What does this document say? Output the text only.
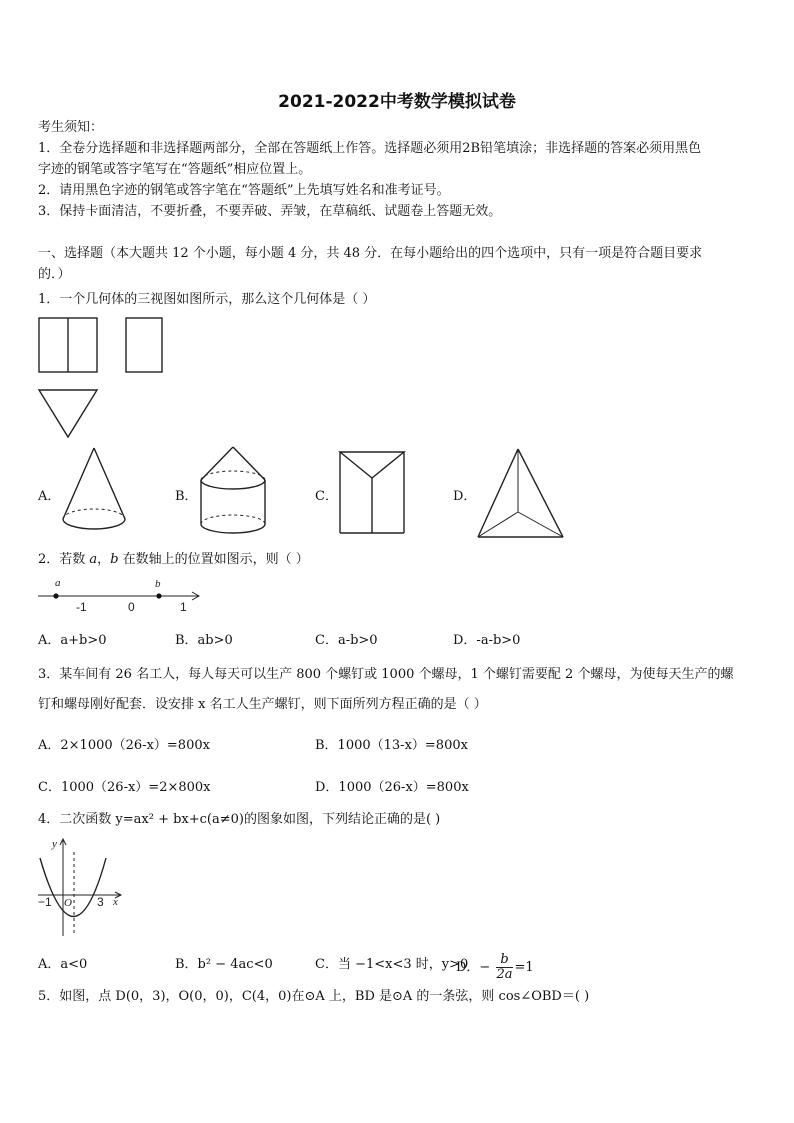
2021-2022中考数学模拟试卷
考生须知：
1．全卷分选择题和非选择题两部分，全部在答题纸上作答。选择题必须用2B铅笔填涂；非选择题的答案必须用黑色
字迹的钢笔或答字笔写在“答题纸”相应位置上。
2．请用黑色字迹的钢笔或答字笔在“答题纸”上先填写姓名和准考证号。
3．保持卡面清洁，不要折叠，不要弄破、弄皱，在草稿纸、试题卷上答题无效。
一、选择题（本大题共 12 个小题，每小题 4 分，共 48 分．在每小题给出的四个选项中，只有一项是符合题目要求
的．）
1．一个几何体的三视图如图所示，那么这个几何体是（ ）
A．	B．	C．	D．
2．若数 a，b 在数轴上的位置如图示，则（ ）
a	b
-1	0	1
A．a+b>0	B．ab>0	C．a-b>0	D．-a-b>0
3．某车间有 26 名工人，每人每天可以生产 800 个螺钉或 1000 个螺母，1 个螺钉需要配 2 个螺母，为使每天生产的螺
钉和螺母刚好配套．设安排 x 名工人生产螺钉，则下面所列方程正确的是（ ）
A．2×1000（26-x）=800x	B．1000（13-x）=800x
C．1000（26-x）=2×800x	D．1000（26-x）=800x
4．二次函数 y=ax² + bx+c(a≠0)的图象如图，下列结论正确的是( )
y
x
O
−1	3
A．a<0	B．b² − 4ac<0	C．当 −1<x<3 时，y>0
D．− $\frac{b}{2a} =1$
5．如图，点 D(0，3)，O(0，0)，C(4，0)在⊙A 上，BD 是⊙A 的一条弦，则 cos∠OBD＝( )
